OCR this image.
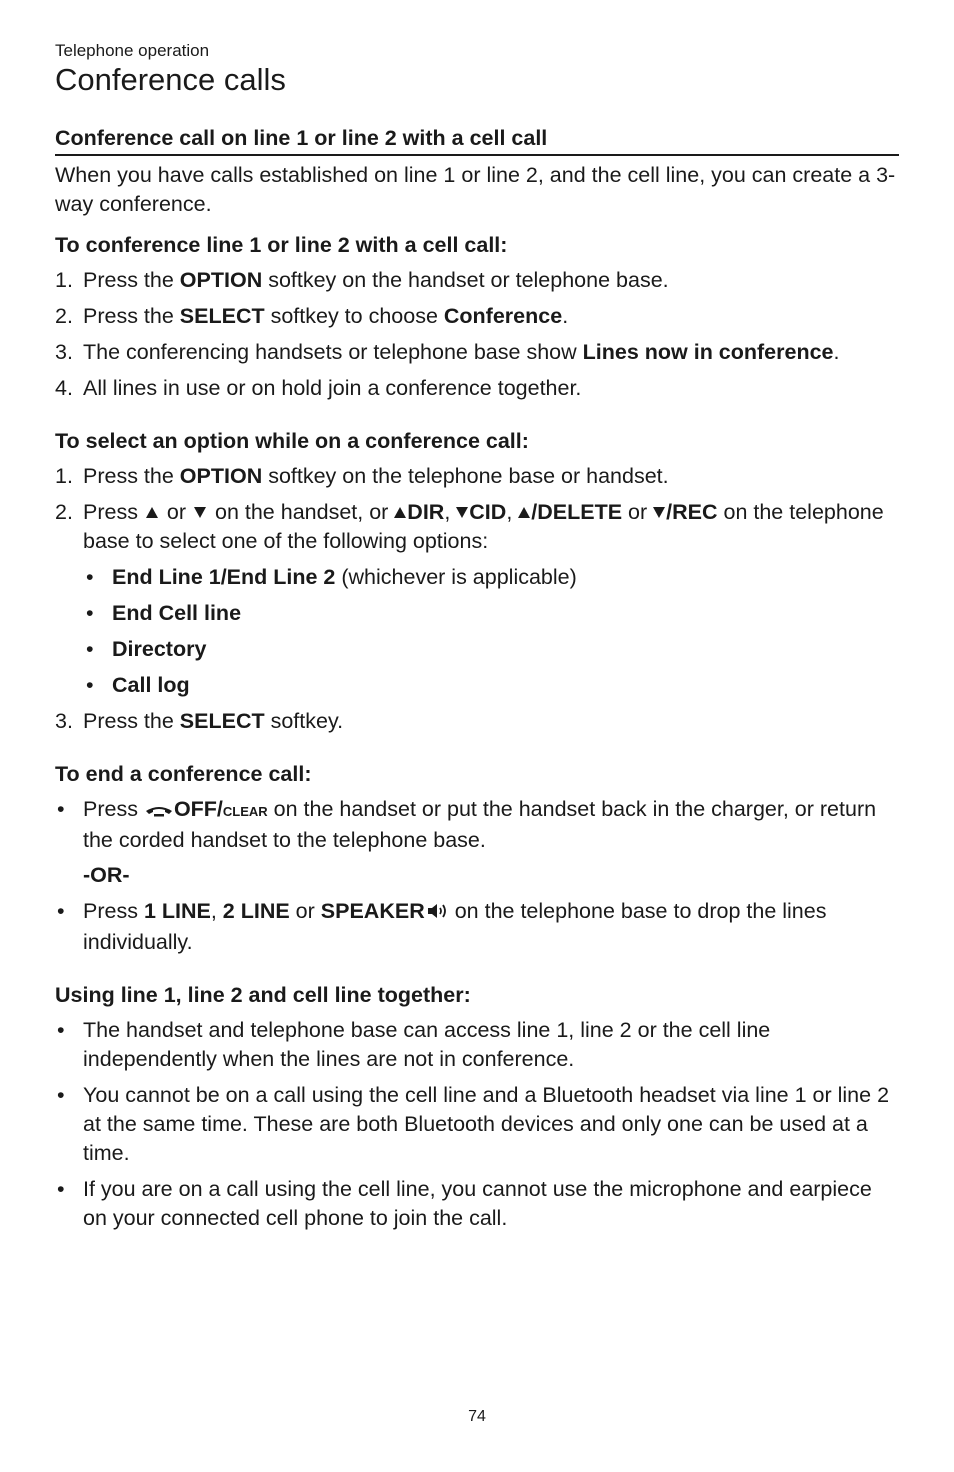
Telephone operation
Conference calls
Conference call on line 1 or line 2 with a cell call

When you have calls established on line 1 or line 2, and the cell line, you can create a 3-way conference.

To conference line 1 or line 2 with a cell call:
1. Press the OPTION softkey on the handset or telephone base.
2. Press the SELECT softkey to choose Conference.
3. The conferencing handsets or telephone base show Lines now in conference.
4. All lines in use or on hold join a conference together.
To select an option while on a conference call:
1. Press the OPTION softkey on the telephone base or handset.
2. Press  or  on the handset, or DIR, CID, /DELETE or /REC on the telephone base to select one of the following options:
• End Line 1/End Line 2 (whichever is applicable)
• End Cell line
• Directory
• Call log
3. Press the SELECT softkey.
To end a conference call:
• Press OFF/clear on the handset or put the handset back in the charger, or return the corded handset to the telephone base.
-OR-
• Press 1 LINE, 2 LINE or SPEAKER on the telephone base to drop the lines individually.
Using line 1, line 2 and cell line together:
• The handset and telephone base can access line 1, line 2 or the cell line independently when the lines are not in conference.
• You cannot be on a call using the cell line and a Bluetooth headset via line 1 or line 2 at the same time. These are both Bluetooth devices and only one can be used at a time.
• If you are on a call using the cell line, you cannot use the microphone and earpiece on your connected cell phone to join the call.
74
